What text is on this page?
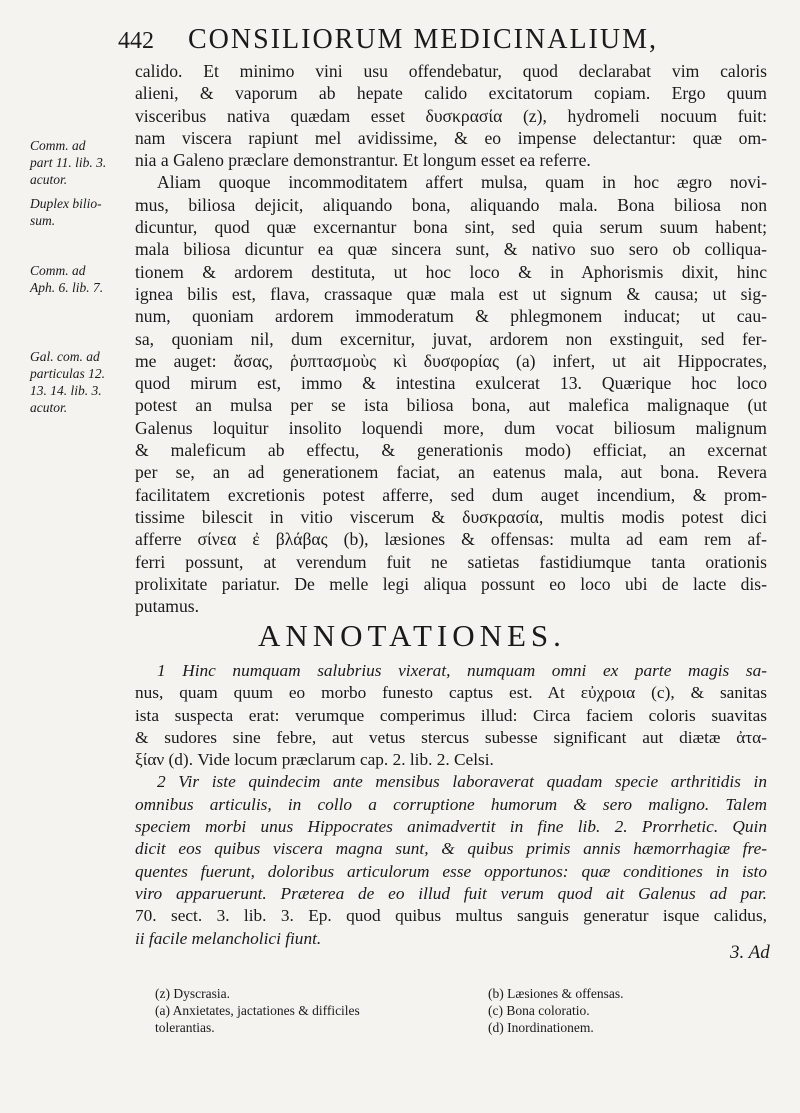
442 CONSILIORUM MEDICINALIUM,
Comm. ad
part 11. lib. 3.
acutor.
Duplex bilio-
sum.
Comm. ad
Aph. 6. lib. 7.
Gal. com. ad
particulas 12.
13. 14. lib. 3.
acutor.
calido. Et minimo vini usu offendebatur, quod declarabat vim caloris
alieni, & vaporum ab hepate calido excitatorum copiam. Ergo quum
visceribus nativa quædam esset δυσκρασία (z), hydromeli nocuum fuit:
nam viscera rapiunt mel avidissime, & eo impense delectantur: quæ om-
nia a Galeno præclare demonstrantur. Et longum esset ea referre.
Aliam quoque incommoditatem affert mulsa, quam in hoc ægro novi-
mus, biliosa dejicit, aliquando bona, aliquando mala. Bona biliosa non
dicuntur, quod quæ excernantur bona sint, sed quia serum suum habent;
mala biliosa dicuntur ea quæ sincera sunt, & nativo suo sero ob colliqua-
tionem & ardorem destituta, ut hoc loco & in Aphorismis dixit, hinc
ignea bilis est, flava, crassaque quæ mala est ut signum & causa; ut sig-
num, quoniam ardorem immoderatum & phlegmonem inducat; ut cau-
sa, quoniam nil, dum excernitur, juvat, ardorem non exstinguit, sed fer-
me auget: ἄσας, ῥυπτασμοὺς κὶ δυσφορίας (a) infert, ut ait Hippocrates,
quod mirum est, immo & intestina exulcerat 13. Quærique hoc loco
potest an mulsa per se ista biliosa bona, aut malefica malignaque (ut
Galenus loquitur insolito loquendi more, dum vocat biliosum malignum
& maleficum ab effectu, & generationis modo) efficiat, an excernat
per se, an ad generationem faciat, an eatenus mala, aut bona. Revera
facilitatem excretionis potest afferre, sed dum auget incendium, & prom-
tissime bilescit in vitio viscerum & δυσκρασία, multis modis potest dici
afferre σίνεα ἐ βλάβας (b), læsiones & offensas: multa ad eam rem af-
ferri possunt, at verendum fuit ne satietas fastidiumque tanta orationis
prolixitate pariatur. De melle legi aliqua possunt eo loco ubi de lacte dis-
putamus.
ANNOTATIONES.
1 Hinc numquam salubrius vixerat, numquam omni ex parte magis sa-
nus, quam quum eo morbo funesto captus est. At εὐχροια (c), & sanitas
ista suspecta erat: verumque comperimus illud: Circa faciem coloris suavitas
& sudores sine febre, aut vetus stercus subesse significant aut diætæ ἀτα-
ξίαν (d). Vide locum præclarum cap. 2. lib. 2. Celsi.
2 Vir iste quindecim ante mensibus laboraverat quadam specie arthritidis in
omnibus articulis, in collo a corruptione humorum & sero maligno. Talem
speciem morbi unus Hippocrates animadvertit in fine lib. 2. Prorrhetic. Quin
dicit eos quibus viscera magna sunt, & quibus primis annis hæmorrhagiæ fre-
quentes fuerunt, doloribus articulorum esse opportunos: quæ conditiones in isto
viro apparuerunt. Præterea de eo illud fuit verum quod ait Galenus ad par.
70. sect. 3. lib. 3. Ep. quod quibus multus sanguis generatur isque calidus,
ii facile melancholici fiunt.
3. Ad
(z) Dyscrasia.
(a) Anxietates, jactationes & difficiles
tolerantias.
(b) Læsiones & offensas.
(c) Bona coloratio.
(d) Inordinationem.
